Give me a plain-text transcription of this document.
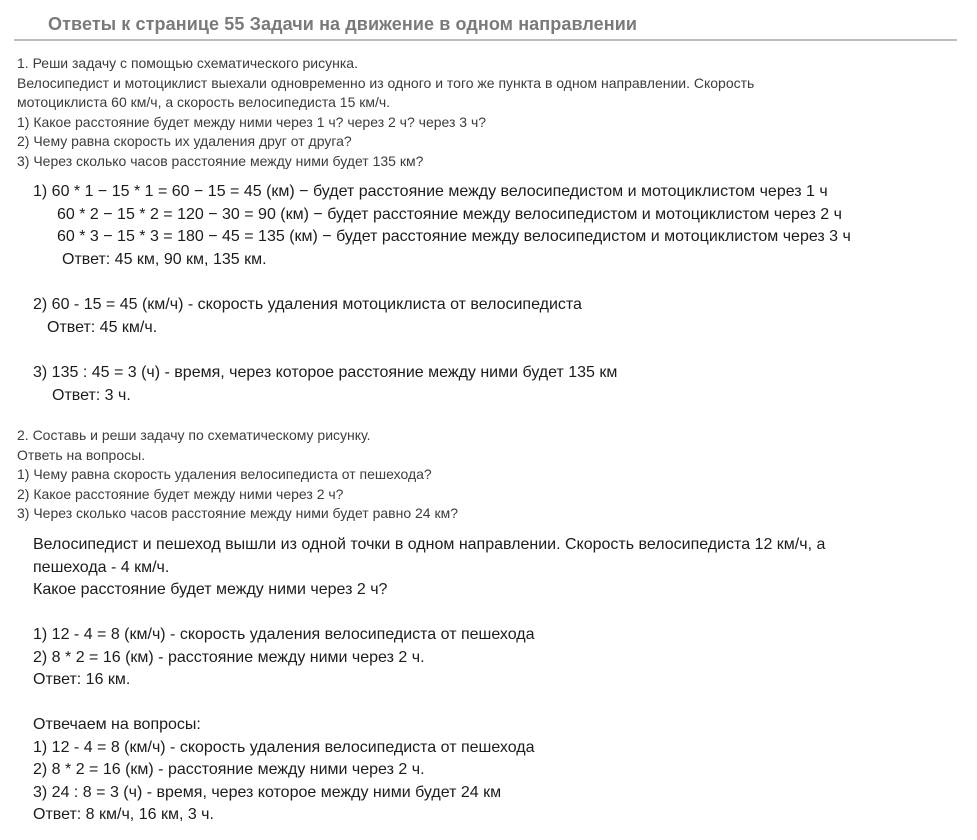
Ответы к странице 55 Задачи на движение в одном направлении
1. Реши задачу с помощью схематического рисунка.
Велосипедист и мотоциклист выехали одновременно из одного и того же пункта в одном направлении. Скорость
мотоциклиста 60 км/ч, а скорость велосипедиста 15 км/ч.
1) Какое расстояние будет между ними через 1 ч? через 2 ч? через 3 ч?
2) Чему равна скорость их удаления друг от друга?
3) Через сколько часов расстояние между ними будет 135 км?
1) 60 * 1 − 15 * 1 = 60 − 15 = 45 (км) − будет расстояние между велосипедистом и мотоциклистом через 1 ч
60 * 2 − 15 * 2 = 120 − 30 = 90 (км) − будет расстояние между велосипедистом и мотоциклистом через 2 ч
60 * 3 − 15 * 3 = 180 − 45 = 135 (км) − будет расстояние между велосипедистом и мотоциклистом через 3 ч
Ответ: 45 км, 90 км, 135 км.
2) 60 - 15 = 45 (км/ч) - скорость удаления мотоциклиста от велосипедиста
Ответ: 45 км/ч.
3) 135 : 45 = 3 (ч) - время, через которое расстояние между ними будет 135 км
Ответ: 3 ч.
2. Составь и реши задачу по схематическому рисунку.
Ответь на вопросы.
1) Чему равна скорость удаления велосипедиста от пешехода?
2) Какое расстояние будет между ними через 2 ч?
3) Через сколько часов расстояние между ними будет равно 24 км?
Велосипедист и пешеход вышли из одной точки в одном направлении. Скорость велосипедиста 12 км/ч, а
пешехода - 4 км/ч.
Какое расстояние будет между ними через 2 ч?
1) 12 - 4 = 8 (км/ч) - скорость удаления велосипедиста от пешехода
2) 8 * 2 = 16 (км) - расстояние между ними через 2 ч.
Ответ: 16 км.
Отвечаем на вопросы:
1) 12 - 4 = 8 (км/ч) - скорость удаления велосипедиста от пешехода
2) 8 * 2 = 16 (км) - расстояние между ними через 2 ч.
3) 24 : 8 = 3 (ч) - время, через которое между ними будет 24 км
Ответ: 8 км/ч, 16 км, 3 ч.
